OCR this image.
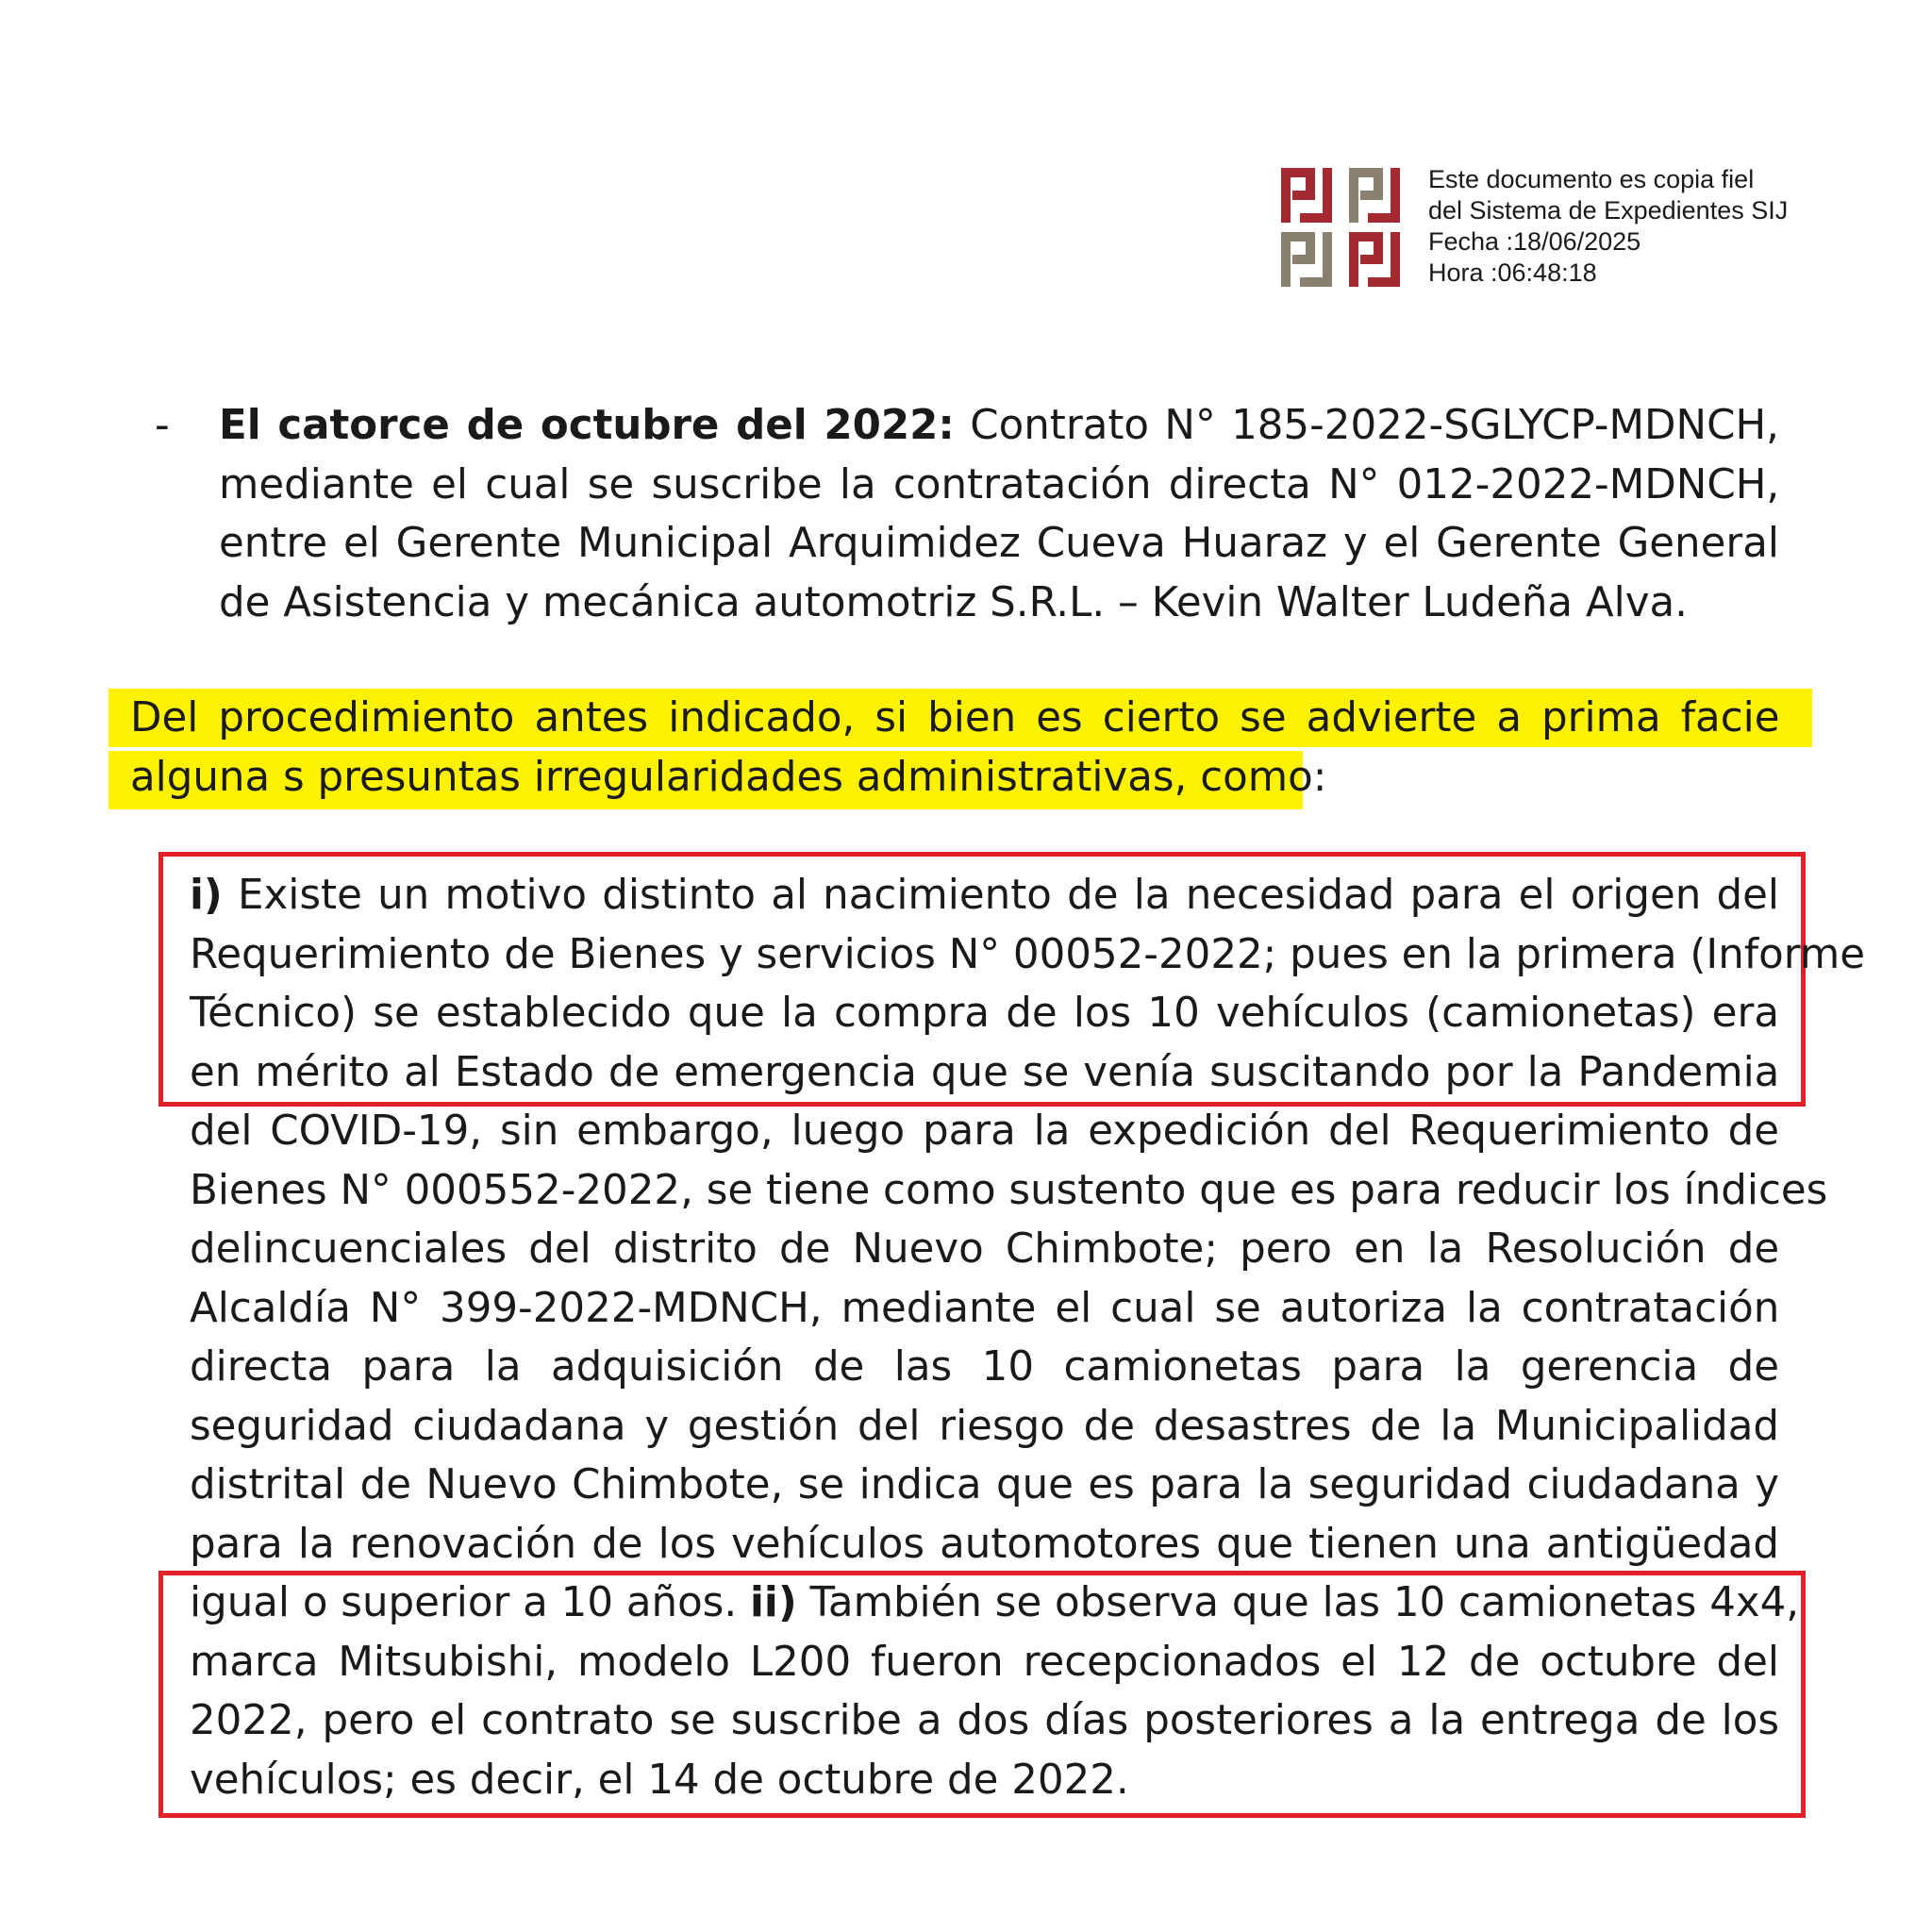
Este documento es copia fiel
del Sistema de Expedientes SIJ
Fecha :18/06/2025
Hora :06:48:18
- El catorce de octubre del 2022: Contrato N° 185-2022-SGLYCP-MDNCH,
mediante el cual se suscribe la contratación directa N° 012-2022-MDNCH,
entre el Gerente Municipal Arquimidez Cueva Huaraz y el Gerente General
de Asistencia y mecánica automotriz S.R.L. – Kevin Walter Ludeña Alva.
Del procedimiento antes indicado, si bien es cierto se advierte a prima facie
alguna s presuntas irregularidades administrativas, como:
i) Existe un motivo distinto al nacimiento de la necesidad para el origen del
Requerimiento de Bienes y servicios N° 00052-2022; pues en la primera (Informe
Técnico) se establecido que la compra de los 10 vehículos (camionetas) era
en mérito al Estado de emergencia que se venía suscitando por la Pandemia
del COVID-19, sin embargo, luego para la expedición del Requerimiento de
Bienes N° 000552-2022, se tiene como sustento que es para reducir los índices
delincuenciales del distrito de Nuevo Chimbote; pero en la Resolución de
Alcaldía N° 399-2022-MDNCH, mediante el cual se autoriza la contratación
directa para la adquisición de las 10 camionetas para la gerencia de
seguridad ciudadana y gestión del riesgo de desastres de la Municipalidad
distrital de Nuevo Chimbote, se indica que es para la seguridad ciudadana y
para la renovación de los vehículos automotores que tienen una antigüedad
igual o superior a 10 años. ii) También se observa que las 10 camionetas 4x4,
marca Mitsubishi, modelo L200 fueron recepcionados el 12 de octubre del
2022, pero el contrato se suscribe a dos días posteriores a la entrega de los
vehículos; es decir, el 14 de octubre de 2022.
